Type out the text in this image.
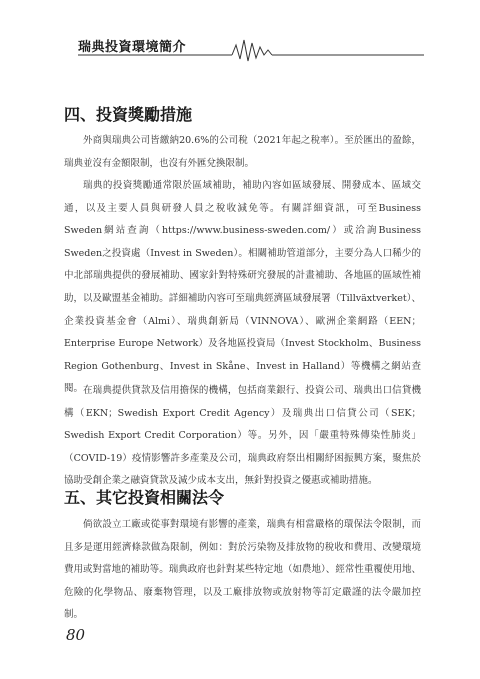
瑞典投資環境簡介
四、投資獎勵措施

外商與瑞典公司皆繳納20.6%的公司稅（2021年起之稅率）。至於匯出的盈餘，瑞典並沒有金額限制，也沒有外匯兌換限制。

瑞典的投資獎勵通常限於區域補助，補助內容如區域發展、開發成本、區域交通，以及主要人員與研發人員之稅收減免等。有關詳細資訊，可至Business Sweden網站查詢（https://www.business-sweden.com/）或洽詢Business Sweden之投資處（Invest in Sweden）。相關補助管道部分，主要分為人口稀少的中北部瑞典提供的發展補助、國家針對特殊研究發展的計畫補助、各地區的區域性補助，以及歐盟基金補助。詳細補助內容可至瑞典經濟區域發展署（Tillväxtverket）、企業投資基金會（Almi）、瑞典創新局（VINNOVA）、歐洲企業網路（EEN；Enterprise Europe Network）及各地區投資局（Invest Stockholm、Business Region Gothenburg、Invest in Skåne、Invest in Halland）等機構之網站查閱。 在瑞典提供貸款及信用擔保的機構，包括商業銀行、投資公司、瑞典出口信貸機構（EKN；Swedish Export Credit Agency）及瑞典出口信貸公司（SEK；Swedish Export Credit Corporation）等。另外，因「嚴重特殊傳染性肺炎」（COVID-19）疫情影響許多產業及公司，瑞典政府祭出相關紓困振興方案，聚焦於協助受創企業之融資貸款及減少成本支出，無針對投資之優惠或補助措施。

五、其它投資相關法令

倘欲設立工廠或從事對環境有影響的產業，瑞典有相當嚴格的環保法令限制，而且多是運用經濟條款做為限制，例如：對於污染物及排放物的稅收和費用、改變環境費用或對當地的補助等。瑞典政府也針對某些特定地（如農地）、經常性重覆使用地、危險的化學物品、廢棄物管理，以及工廠排放物或放射物等訂定嚴謹的法令嚴加控制。

80
